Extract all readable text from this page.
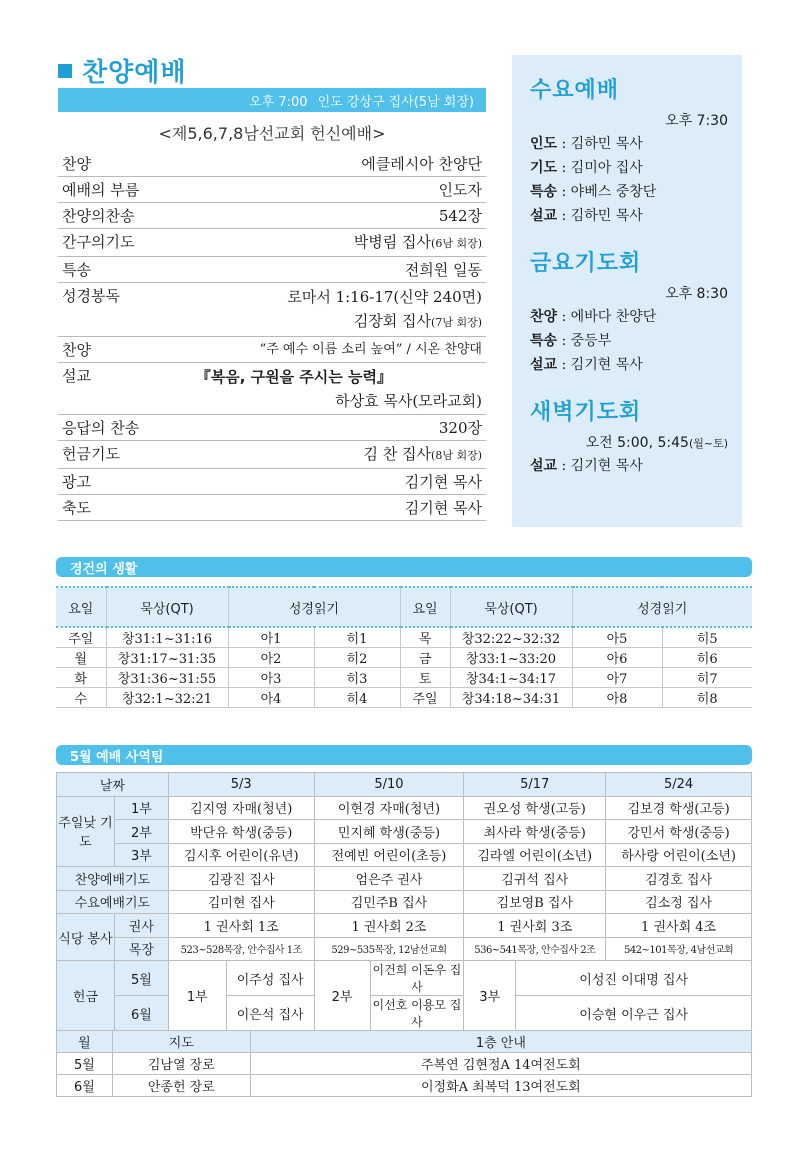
찬양예배
오후 7:00 인도 강상구 집사(5남 회장)
<제5,6,7,8남선교회 헌신예배>
찬양	에클레시아 찬양단
예배의 부름	인도자
찬양의찬송	542장
간구의기도	박병림 집사(6남 회장)
특송	전희원 일동
성경봉독	로마서 1:16-17(신약 240면)
김장회 집사(7남 회장)
찬양	“주 예수 이름 소리 높여” / 시온 찬양대
설교	『복음, 구원을 주시는 능력』
하상효 목사(모라교회)
응답의 찬송	320장
헌금기도	김 찬 집사(8남 회장)
광고	김기현 목사
축도	김기현 목사
수요예배
오후 7:30
인도 : 김하민 목사
기도 : 김미아 집사
특송 : 야베스 중창단
설교 : 김하민 목사
금요기도회
오후 8:30
찬양 : 에바다 찬양단
특송 : 중등부
설교 : 김기현 목사
새벽기도회
오전 5:00, 5:45(월~토)
설교 : 김기현 목사
경건의 생활
요일	묵상(QT)	성경읽기		요일	묵상(QT)	성경읽기	
주일	창31:1~31:16	아1	히1	목	창32:22~32:32	아5	히5
월	창31:17~31:35	아2	히2	금	창33:1~33:20	아6	히6
화	창31:36~31:55	아3	히3	토	창34:1~34:17	아7	히7
수	창32:1~32:21	아4	히4	주일	창34:18~34:31	아8	히8
5월 예배 사역팀
날짜		5/3		5/10		5/17		5/24
주일낮 기도	1부	김지영 자매(청년)		이현경 자매(청년)		권오성 학생(고등)		김보경 학생(고등)
	2부	박단유 학생(중등)		민지혜 학생(중등)		최사라 학생(중등)		강민서 학생(중등)
	3부	김시후 어린이(유년)		전예빈 어린이(초등)		김라엘 어린이(소년)		하사랑 어린이(소년)
찬양예배기도		김광진 집사		엄은주 권사		김귀석 집사		김경호 집사
수요예배기도		김미현 집사		김민주B 집사		김보영B 집사		김소정 집사
식당 봉사	권사	1 권사회 1조		1 권사회 2조		1 권사회 3조		1 권사회 4조
	목장	523~528목장, 안수집사 1조		529~535목장, 12남선교회		536~541목장, 안수집사 2조		542~101목장, 4남선교회
헌금	5월	1부	이주성 집사	2부	이건희 이돈우 집사	3부	이성진 이대명 집사	
	6월		이은석 집사		이선호 이용모 집사		이승현 이우근 집사	
월	지도	1층 안내
5월	김남열 장로	주복연 김현정A 14여전도회
6월	안종헌 장로	이정화A 최복덕 13여전도회
